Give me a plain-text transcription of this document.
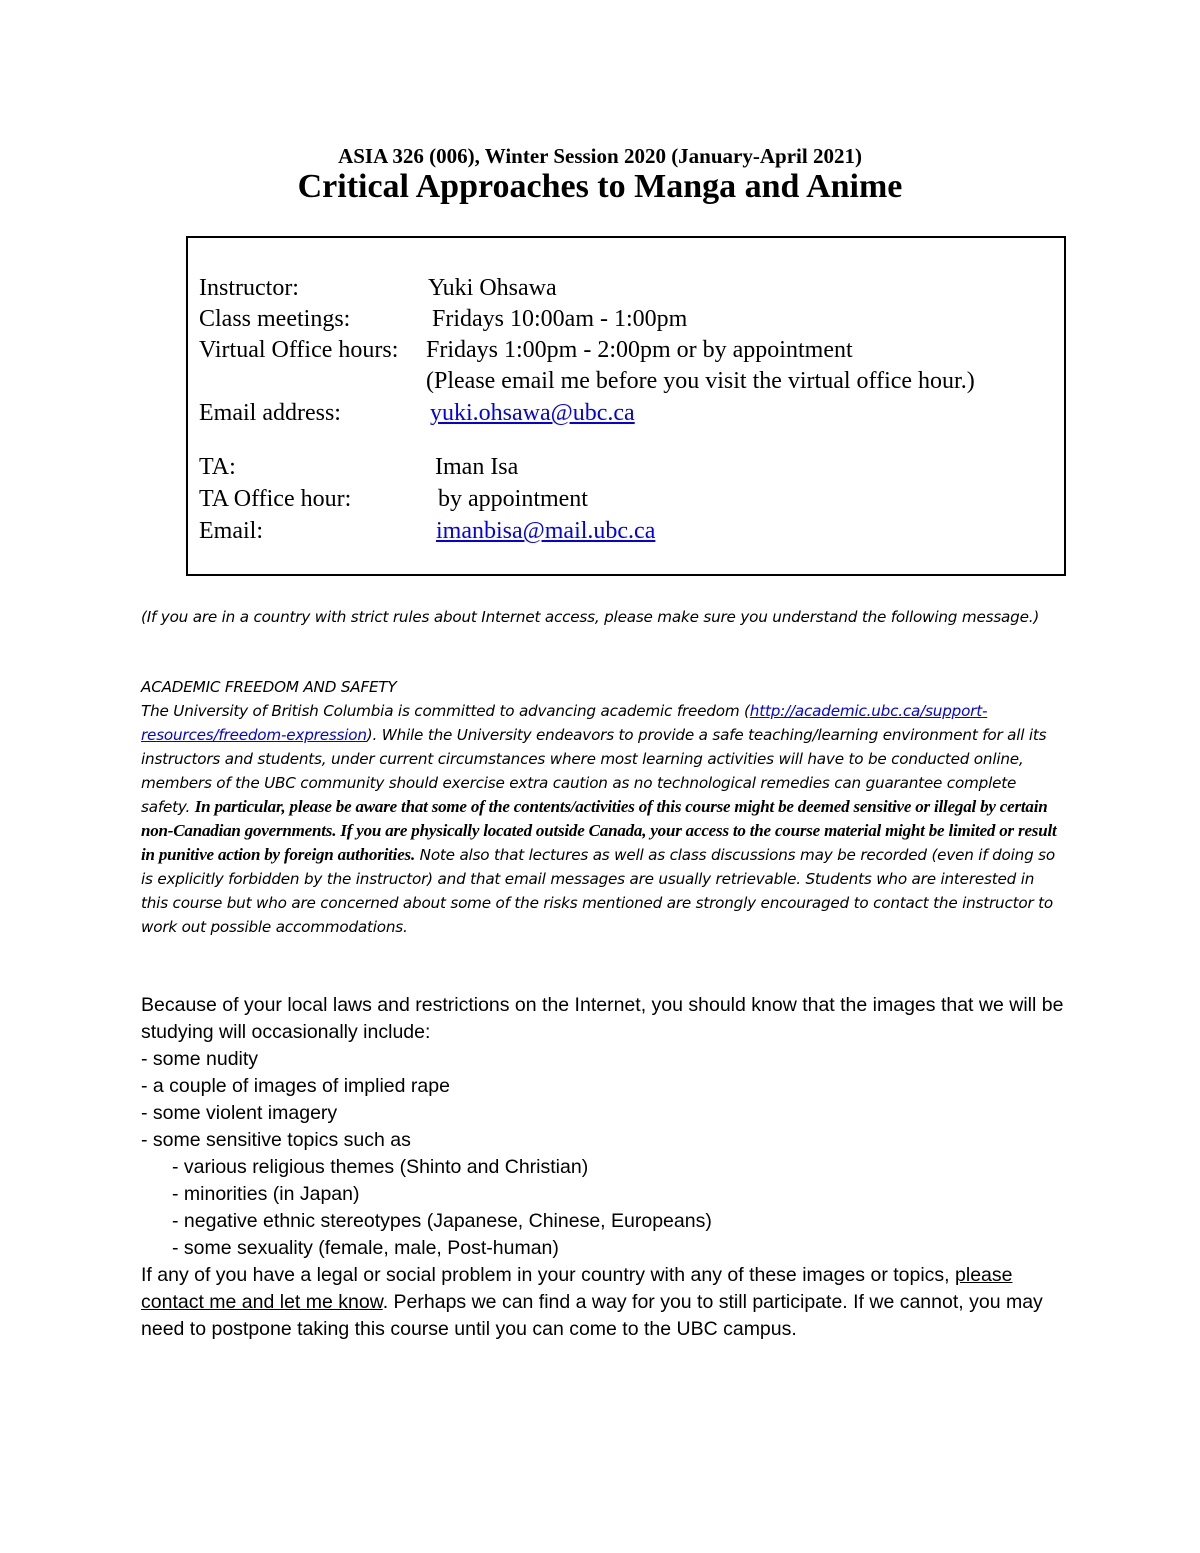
ASIA 326 (006), Winter Session 2020 (January-April 2021)
Critical Approaches to Manga and Anime
Instructor:	Yuki Ohsawa
Class meetings:	Fridays 10:00am - 1:00pm
Virtual Office hours: Fridays 1:00pm - 2:00pm or by appointment
(Please email me before you visit the virtual office hour.)
Email address:	yuki.ohsawa@ubc.ca
TA:	Iman Isa
TA Office hour:	by appointment
Email:	imanbisa@mail.ubc.ca
(If you are in a country with strict rules about Internet access, please make sure you understand the following message.)
ACADEMIC FREEDOM AND SAFETY
The University of British Columbia is committed to advancing academic freedom (http://academic.ubc.ca/support-resources/freedom-expression). While the University endeavors to provide a safe teaching/learning environment for all its instructors and students, under current circumstances where most learning activities will have to be conducted online, members of the UBC community should exercise extra caution as no technological remedies can guarantee complete safety. In particular, please be aware that some of the contents/activities of this course might be deemed sensitive or illegal by certain non-Canadian governments. If you are physically located outside Canada, your access to the course material might be limited or result in punitive action by foreign authorities. Note also that lectures as well as class discussions may be recorded (even if doing so is explicitly forbidden by the instructor) and that email messages are usually retrievable. Students who are interested in this course but who are concerned about some of the risks mentioned are strongly encouraged to contact the instructor to work out possible accommodations.
Because of your local laws and restrictions on the Internet, you should know that the images that we will be studying will occasionally include:
- some nudity
- a couple of images of implied rape
- some violent imagery
- some sensitive topics such as
- various religious themes (Shinto and Christian)
- minorities (in Japan)
- negative ethnic stereotypes (Japanese, Chinese, Europeans)
- some sexuality (female, male, Post-human)
If any of you have a legal or social problem in your country with any of these images or topics, please contact me and let me know. Perhaps we can find a way for you to still participate. If we cannot, you may need to postpone taking this course until you can come to the UBC campus.
